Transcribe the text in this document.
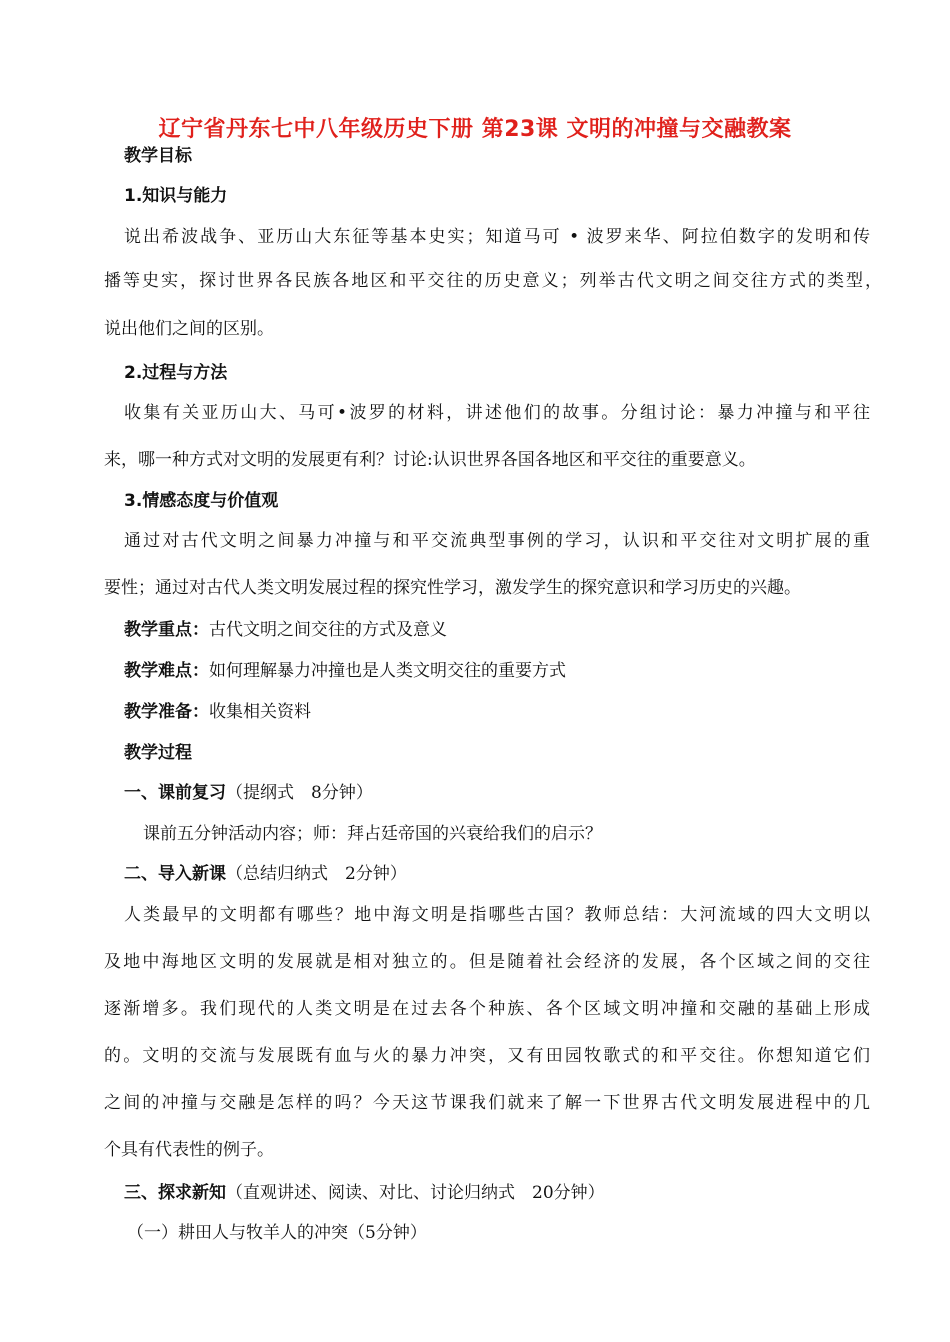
辽宁省丹东七中八年级历史下册 第23课 文明的冲撞与交融教案
教学目标
1.知识与能力
说出希波战争、亚历山大东征等基本史实；知道马可 • 波罗来华、阿拉伯数字的发明和传
播等史实，探讨世界各民族各地区和平交往的历史意义；列举古代文明之间交往方式的类型，
说出他们之间的区别。
2.过程与方法
收集有关亚历山大、马可•波罗的材料，讲述他们的故事。分组讨论：暴力冲撞与和平往
来，哪一种方式对文明的发展更有利？讨论:认识世界各国各地区和平交往的重要意义。
3.情感态度与价值观
通过对古代文明之间暴力冲撞与和平交流典型事例的学习，认识和平交往对文明扩展的重
要性；通过对古代人类文明发展过程的探究性学习，激发学生的探究意识和学习历史的兴趣。
教学重点：古代文明之间交往的方式及意义
教学难点：如何理解暴力冲撞也是人类文明交往的重要方式
教学准备：收集相关资料
教学过程
一、课前复习（提纲式　8分钟）
课前五分钟活动内容；师：拜占廷帝国的兴衰给我们的启示？
二、导入新课（总结归纳式　2分钟）
人类最早的文明都有哪些？地中海文明是指哪些古国？教师总结：大河流域的四大文明以
及地中海地区文明的发展就是相对独立的。但是随着社会经济的发展，各个区域之间的交往
逐渐增多。我们现代的人类文明是在过去各个种族、各个区域文明冲撞和交融的基础上形成
的。文明的交流与发展既有血与火的暴力冲突，又有田园牧歌式的和平交往。你想知道它们
之间的冲撞与交融是怎样的吗？今天这节课我们就来了解一下世界古代文明发展进程中的几
个具有代表性的例子。
三、探求新知（直观讲述、阅读、对比、讨论归纳式　20分钟）
（一）耕田人与牧羊人的冲突（5分钟）
